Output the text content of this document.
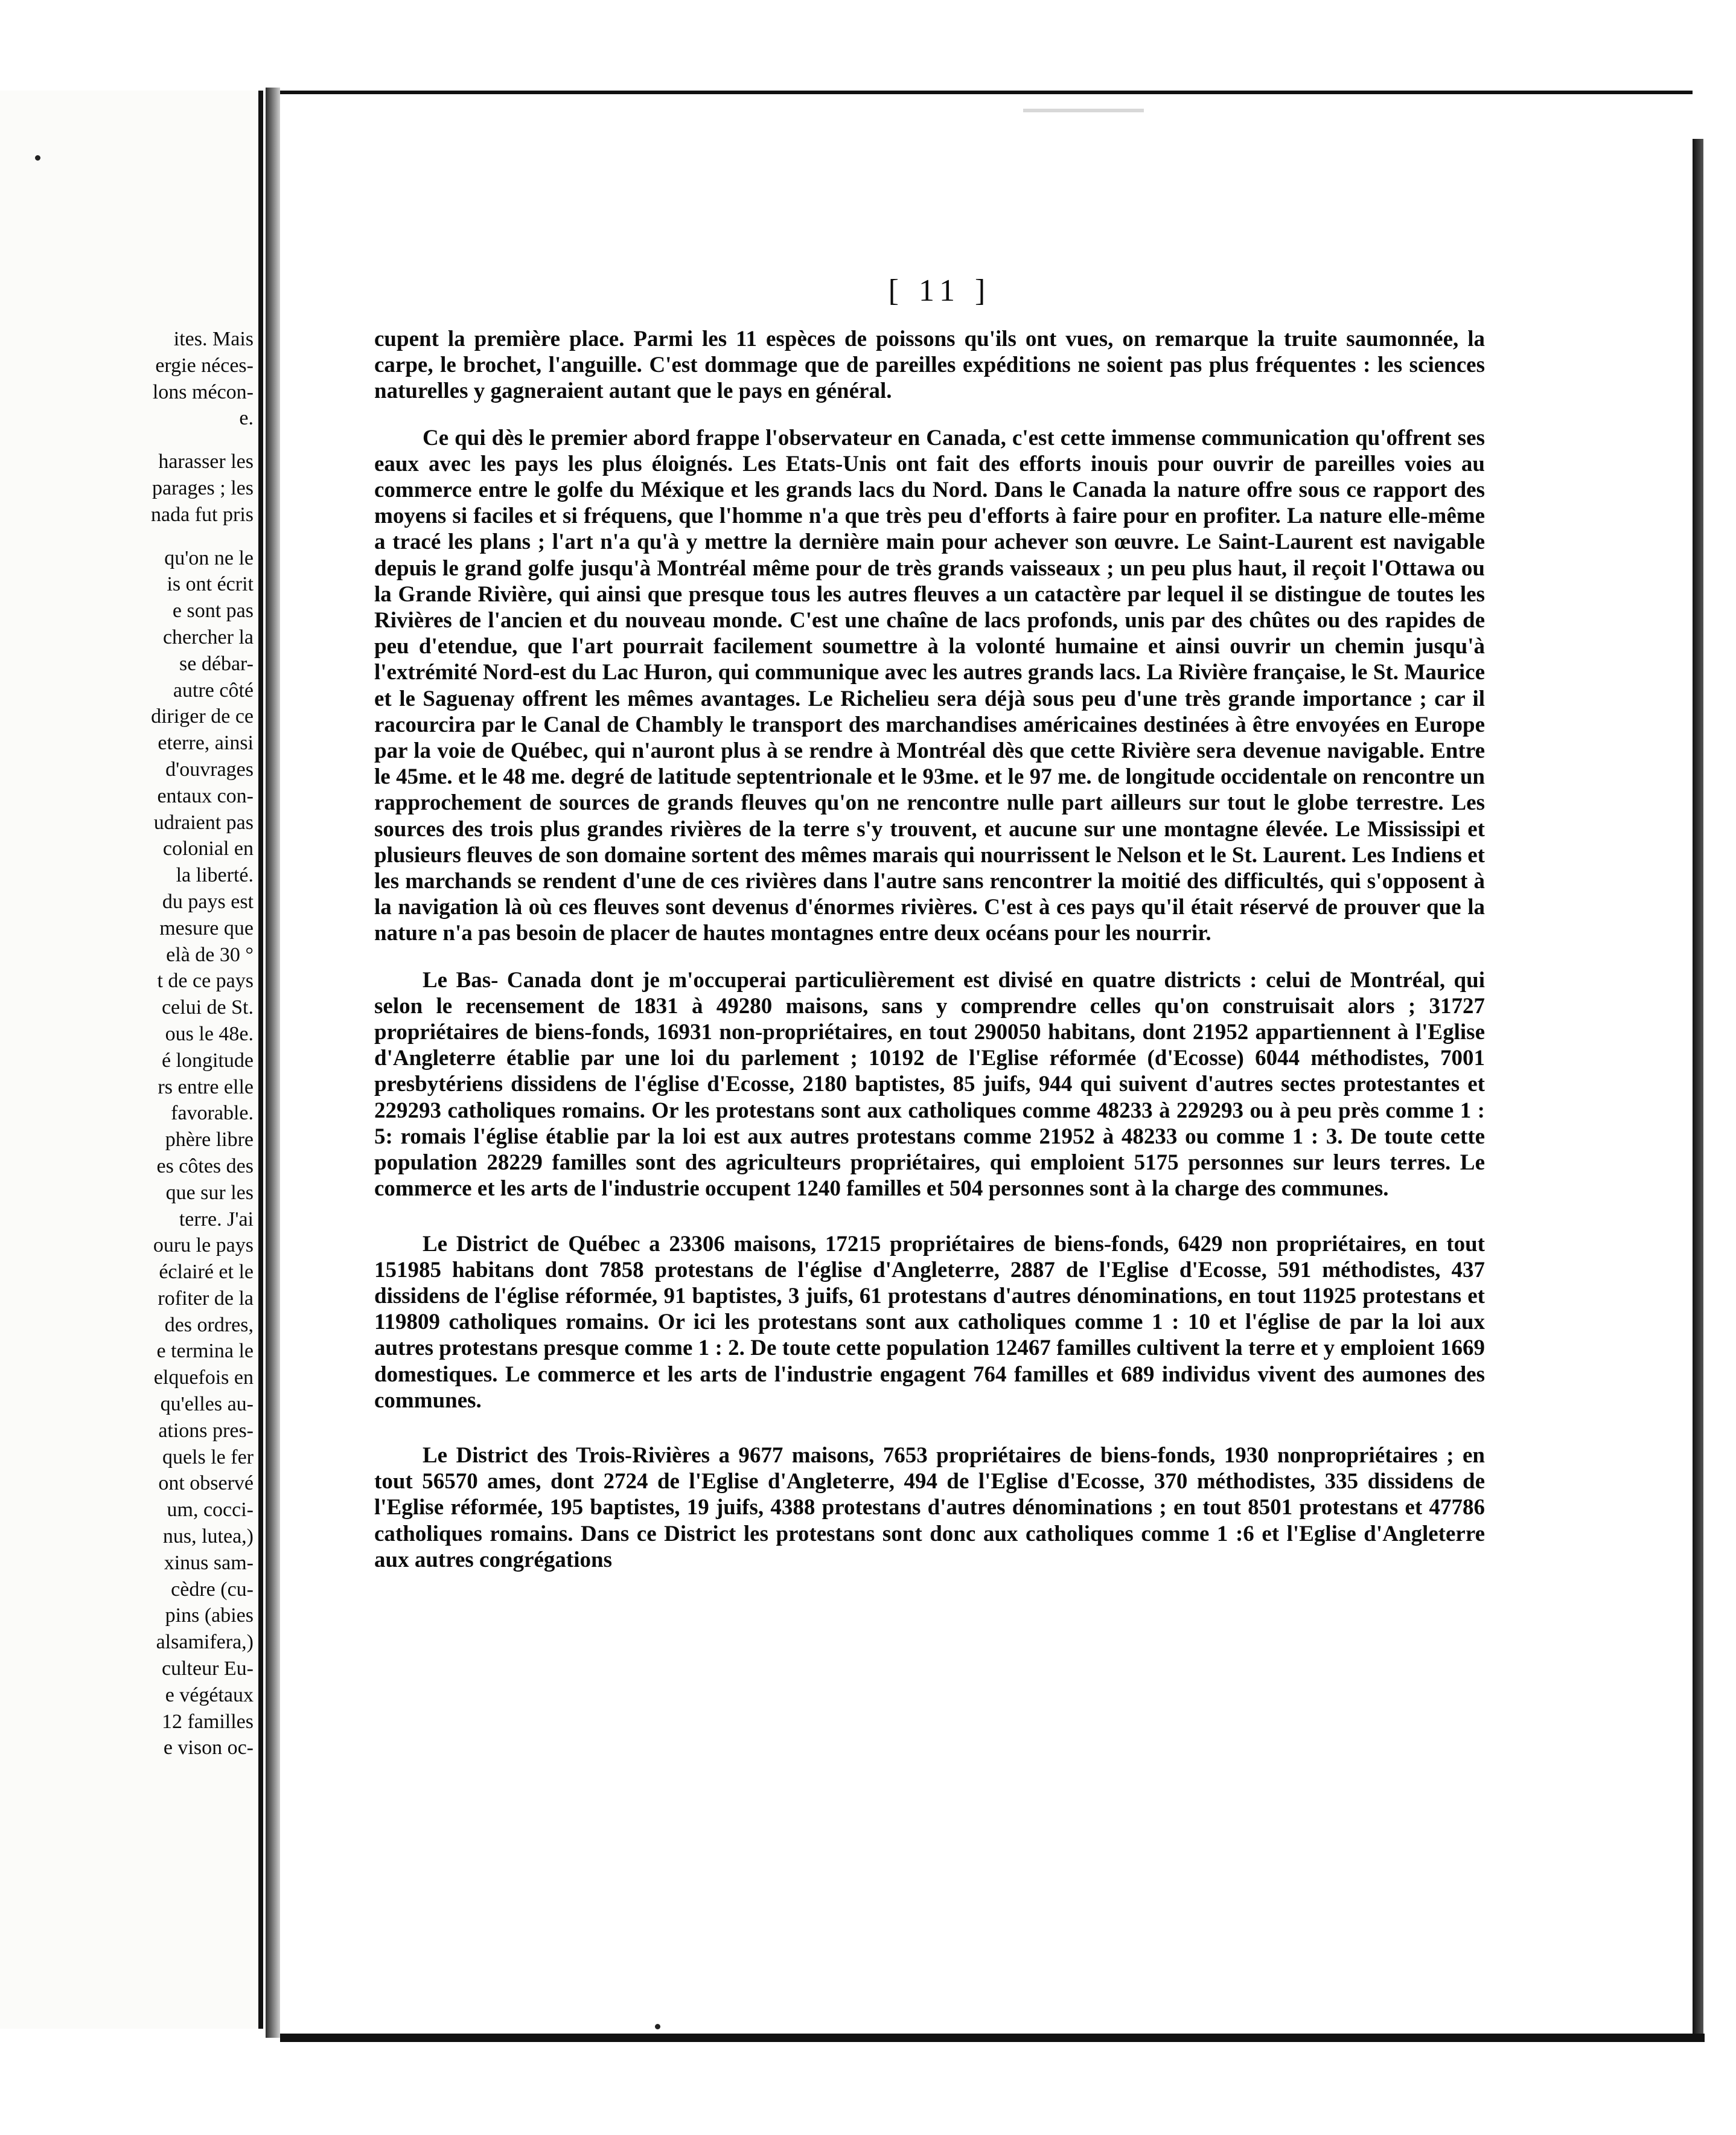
ites. Mais
ergie néces-
lons mécon-
e.
harasser les
parages ; les
nada fut pris
qu'on ne le
is ont écrit
e sont pas
chercher la
se débar-
autre côté
diriger de ce
eterre, ainsi
d'ouvrages
entaux con-
udraient pas
colonial en
la liberté.
du pays est
mesure que
elà de 30 °
t de ce pays
celui de St.
ous le 48e.
é longitude
rs entre elle
favorable.
phère libre
es côtes des
que sur les
terre. J'ai
ouru le pays
éclairé et le
rofiter de la
des ordres,
e termina le
elquefois en
qu'elles au-
ations pres-
quels le fer
ont observé
um, cocci-
nus, lutea,)
xinus sam-
cèdre (cu-
pins (abies
alsamifera,)
culteur Eu-
e végétaux
12 familles
e vison oc-
[ 11 ]

cupent la première place. Parmi les 11 espèces de poissons qu'ils ont vues, on remarque la truite saumonnée, la carpe, le brochet, l'anguille. C'est dommage que de pareilles expéditions ne soient pas plus fréquentes : les sciences naturelles y gagneraient autant que le pays en général.

Ce qui dès le premier abord frappe l'observateur en Canada, c'est cette immense communication qu'offrent ses eaux avec les pays les plus éloignés. Les Etats-Unis ont fait des efforts inouis pour ouvrir de pareilles voies au commerce entre le golfe du Méxique et les grands lacs du Nord. Dans le Canada la nature offre sous ce rapport des moyens si faciles et si fréquens, que l'homme n'a que très peu d'efforts à faire pour en profiter. La nature elle-même a tracé les plans ; l'art n'a qu'à y mettre la dernière main pour achever son œuvre. Le Saint-Laurent est navigable depuis le grand golfe jusqu'à Montréal même pour de très grands vaisseaux ; un peu plus haut, il reçoit l'Ottawa ou la Grande Rivière, qui ainsi que presque tous les autres fleuves a un catactère par lequel il se distingue de toutes les Rivières de l'ancien et du nouveau monde. C'est une chaîne de lacs profonds, unis par des chûtes ou des rapides de peu d'etendue, que l'art pourrait facilement soumettre à la volonté humaine et ainsi ouvrir un chemin jusqu'à l'extrémité Nord-est du Lac Huron, qui communique avec les autres grands lacs. La Rivière française, le St. Maurice et le Saguenay offrent les mêmes avantages. Le Richelieu sera déjà sous peu d'une très grande importance ; car il racourcira par le Canal de Chambly le transport des marchandises américaines destinées à être envoyées en Europe par la voie de Québec, qui n'auront plus à se rendre à Montréal dès que cette Rivière sera devenue navigable. Entre le 45me. et le 48 me. degré de latitude septentrionale et le 93me. et le 97 me. de longitude occidentale on rencontre un rapprochement de sources de grands fleuves qu'on ne rencontre nulle part ailleurs sur tout le globe terrestre. Les sources des trois plus grandes rivières de la terre s'y trouvent, et aucune sur une montagne élevée. Le Mississipi et plusieurs fleuves de son domaine sortent des mêmes marais qui nourrissent le Nelson et le St. Laurent. Les Indiens et les marchands se rendent d'une de ces rivières dans l'autre sans rencontrer la moitié des difficultés, qui s'opposent à la navigation là où ces fleuves sont devenus d'énormes rivières. C'est à ces pays qu'il était réservé de prouver que la nature n'a pas besoin de placer de hautes montagnes entre deux océans pour les nourrir.

Le Bas- Canada dont je m'occuperai particulièrement est divisé en quatre districts : celui de Montréal, qui selon le recensement de 1831 à 49280 maisons, sans y comprendre celles qu'on construisait alors ; 31727 propriétaires de biens-fonds, 16931 non-propriétaires, en tout 290050 habitans, dont 21952 appartiennent à l'Eglise d'Angleterre établie par une loi du parlement ; 10192 de l'Eglise réformée (d'Ecosse) 6044 méthodistes, 7001 presbytériens dissidens de l'église d'Ecosse, 2180 baptistes, 85 juifs, 944 qui suivent d'autres sectes protestantes et 229293 catholiques romains. Or les protestans sont aux catholiques comme 48233 à 229293 ou à peu près comme 1 : 5: romais l'église établie par la loi est aux autres protestans comme 21952 à 48233 ou comme 1 : 3. De toute cette population 28229 familles sont des agriculteurs propriétaires, qui emploient 5175 personnes sur leurs terres. Le commerce et les arts de l'industrie occupent 1240 familles et 504 personnes sont à la charge des communes.

Le District de Québec a 23306 maisons, 17215 propriétaires de biens-fonds, 6429 non propriétaires, en tout 151985 habitans dont 7858 protestans de l'église d'Angleterre, 2887 de l'Eglise d'Ecosse, 591 méthodistes, 437 dissidens de l'église réformée, 91 baptistes, 3 juifs, 61 protestans d'autres dénominations, en tout 11925 protestans et 119809 catholiques romains. Or ici les protestans sont aux catholiques comme 1 : 10 et l'église de par la loi aux autres protestans presque comme 1 : 2. De toute cette population 12467 familles cultivent la terre et y emploient 1669 domestiques. Le commerce et les arts de l'industrie engagent 764 familles et 689 individus vivent des aumones des communes.

Le District des Trois-Rivières a 9677 maisons, 7653 propriétaires de biens-fonds, 1930 nonpropriétaires ; en tout 56570 ames, dont 2724 de l'Eglise d'Angleterre, 494 de l'Eglise d'Ecosse, 370 méthodistes, 335 dissidens de l'Eglise réformée, 195 baptistes, 19 juifs, 4388 protestans d'autres dénominations ; en tout 8501 protestans et 47786 catholiques romains. Dans ce District les protestans sont donc aux catholiques comme 1 :6 et l'Eglise d'Angleterre aux autres congrégations
